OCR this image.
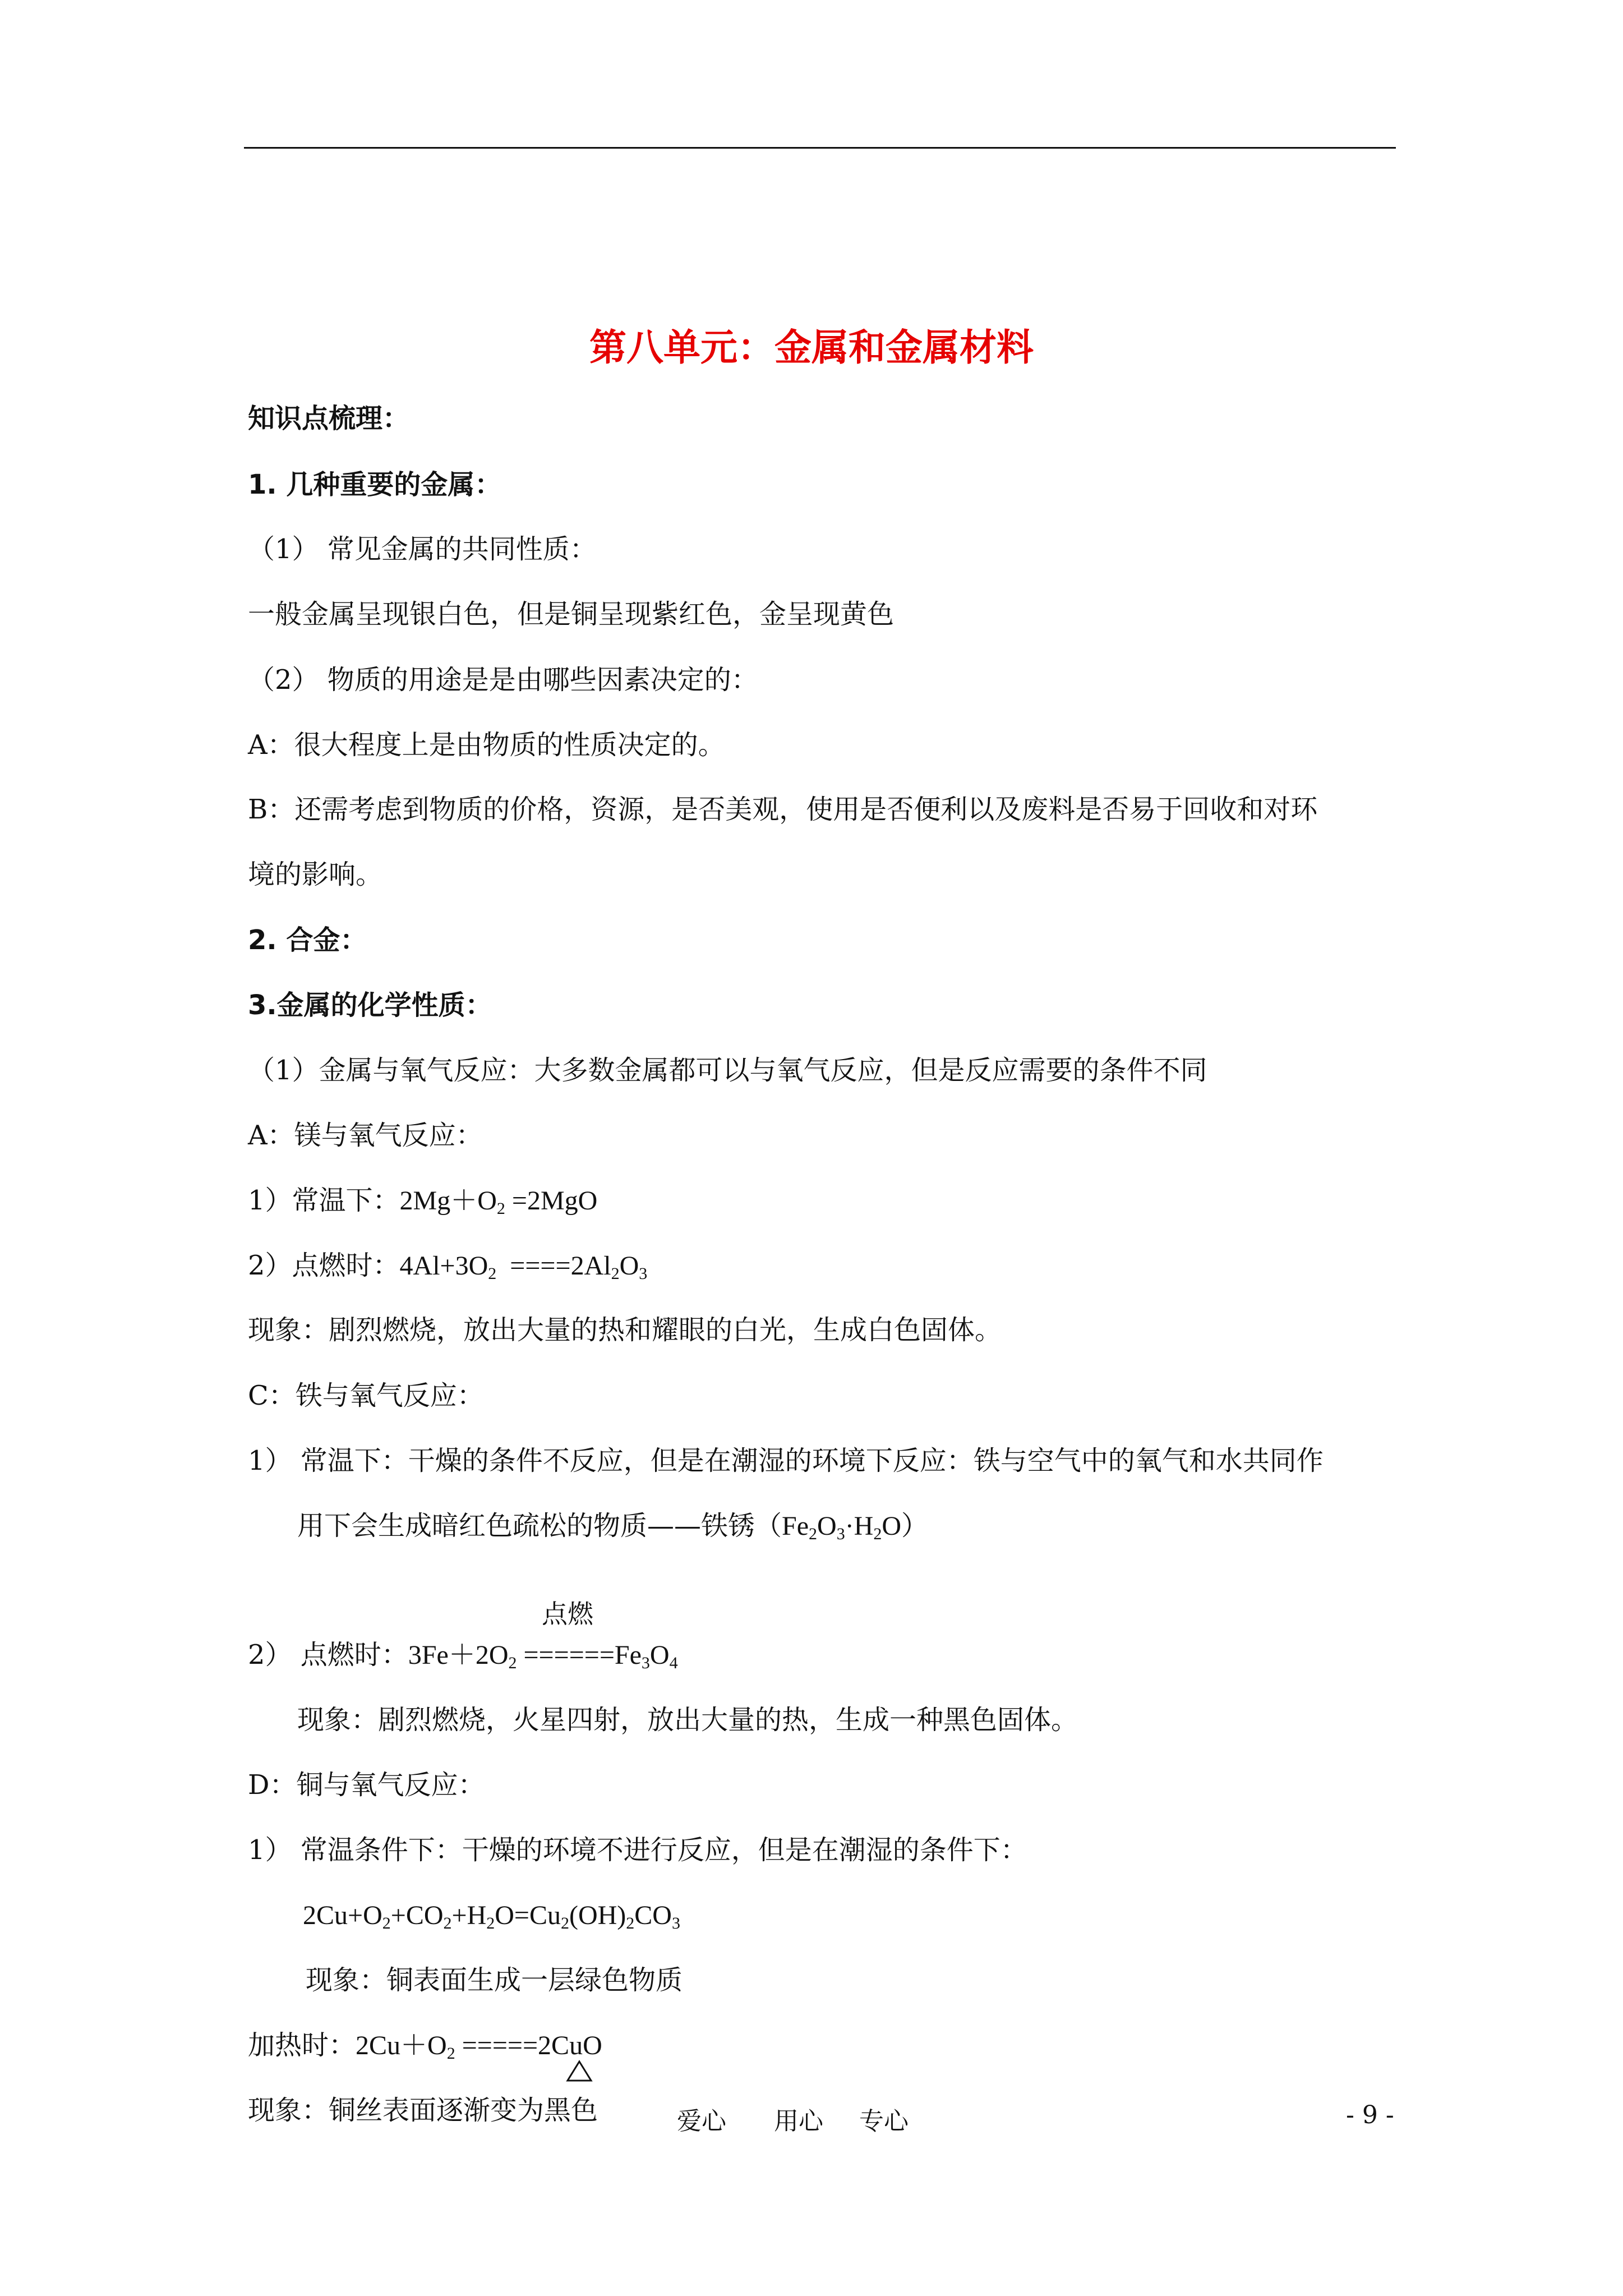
第八单元：金属和金属材料
知识点梳理：
1. 几种重要的金属：
（1） 常见金属的共同性质：
一般金属呈现银白色，但是铜呈现紫红色，金呈现黄色
（2） 物质的用途是是由哪些因素决定的：
A：很大程度上是由物质的性质决定的。
B：还需考虑到物质的价格，资源，是否美观，使用是否便利以及废料是否易于回收和对环
境的影响。
2. 合金：
3.金属的化学性质：
（1）金属与氧气反应：大多数金属都可以与氧气反应，但是反应需要的条件不同
A：镁与氧气反应：
1）常温下：$2Mg+O_2 =2MgO$
2）点燃时：$4Al+3O_2 ====2Al_2O_3$
现象：剧烈燃烧，放出大量的热和耀眼的白光，生成白色固体。
C：铁与氧气反应：
1） 常温下：干燥的条件不反应，但是在潮湿的环境下反应：铁与空气中的氧气和水共同作
用下会生成暗红色疏松的物质——铁锈$(Fe_2O_3\cdot H_2O)$
点燃
2） 点燃时：$3Fe+2O_2 ======Fe_3O_4$
现象：剧烈燃烧，火星四射，放出大量的热，生成一种黑色固体。
D：铜与氧气反应：
1） 常温条件下：干燥的环境不进行反应，但是在潮湿的条件下：
$2Cu+O_2+CO_2+H_2O=Cu_2(OH)_2CO_3$
现象：铜表面生成一层绿色物质
加热时：$2Cu+O_2 =====2CuO$
现象：铜丝表面逐渐变为黑色	爱心 用心 专心	- 9 -
